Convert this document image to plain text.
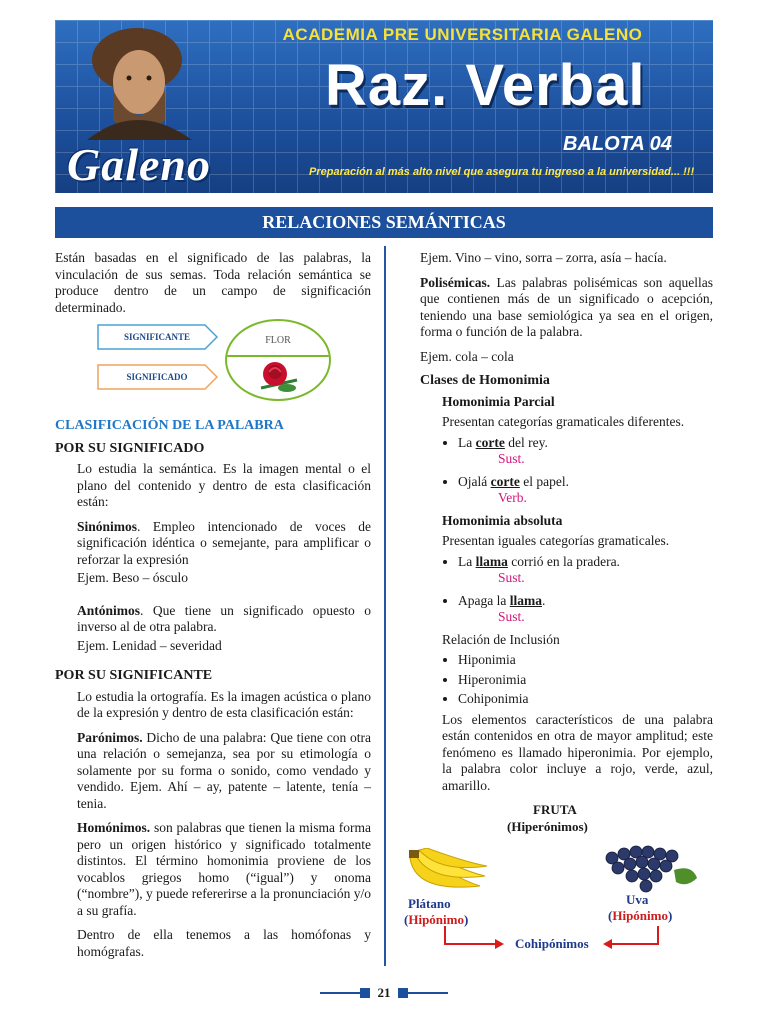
ACADEMIA PRE UNIVERSITARIA GALENO
Raz. Verbal
BALOTA 04
Galeno	Preparación al más alto nivel que asegura tu ingreso a la universidad... !!!
RELACIONES SEMÁNTICAS

Están basadas en el significado de las palabras, la vinculación de sus semas. Toda relación semántica se produce dentro de un campo de significación determinado.

SIGNIFICANTE
SIGNIFICADO
FLOR
CLASIFICACIÓN DE LA PALABRA
POR SU SIGNIFICADO

Lo estudia la semántica. Es la imagen mental o el plano del contenido y dentro de esta clasificación están:

Sinónimos. Empleo intencionado de voces de significación idéntica o semejante, para amplificar o reforzar la expresión

Ejem. Beso – ósculo

Antónimos. Que tiene un significado opuesto o inverso al de otra palabra.

Ejem. Lenidad – severidad

POR SU SIGNIFICANTE

Lo estudia la ortografía. Es la imagen acústica o plano de la expresión y dentro de esta clasificación están:

Parónimos. Dicho de una palabra: Que tiene con otra una relación o semejanza, sea por su etimología o solamente por su forma o sonido, como vendado y vendido. Ejem. Ahí – ay, patente – latente, tenía – tenia.

Homónimos. son palabras que tienen la misma forma pero un origen histórico y significado totalmente distintos. El término homonimia proviene de los vocablos griegos homo (“igual”) y onoma (“nombre”), y puede refererirse a la pronunciación y/o a su grafía.

Dentro de ella tenemos a las homófonas y homógrafas.

Ejem. Vino – vino, sorra – zorra, asía – hacía.

Polisémicas. Las palabras polisémicas son aquellas que contienen más de un significado o acepción, teniendo una base semiológica ya sea en el origen, forma o función de la palabra.

Ejem. cola – cola

Clases de Homonimia
Homonimia Parcial

Presentan categorías gramaticales diferentes.

• La corte del rey.
Sust.
• Ojalá corte el papel.
Verb.
Homonimia absoluta

Presentan iguales categorías gramaticales.

• La llama corrió en la pradera.
Sust.
• Apaga la llama.
Sust.

Relación de Inclusión

• Hiponimia
• Hiperonimia
• Cohiponimia

Los elementos característicos de una palabra están contenidos en otra de mayor amplitud; este fenómeno es llamado hiperonimia. Por ejemplo, la palabra color incluye a rojo, verde, azul, amarillo.

FRUTA
(Hiperónimos)
Plátano
(Hipónimo)
Uva
(Hipónimo)
Cohipónimos
21
